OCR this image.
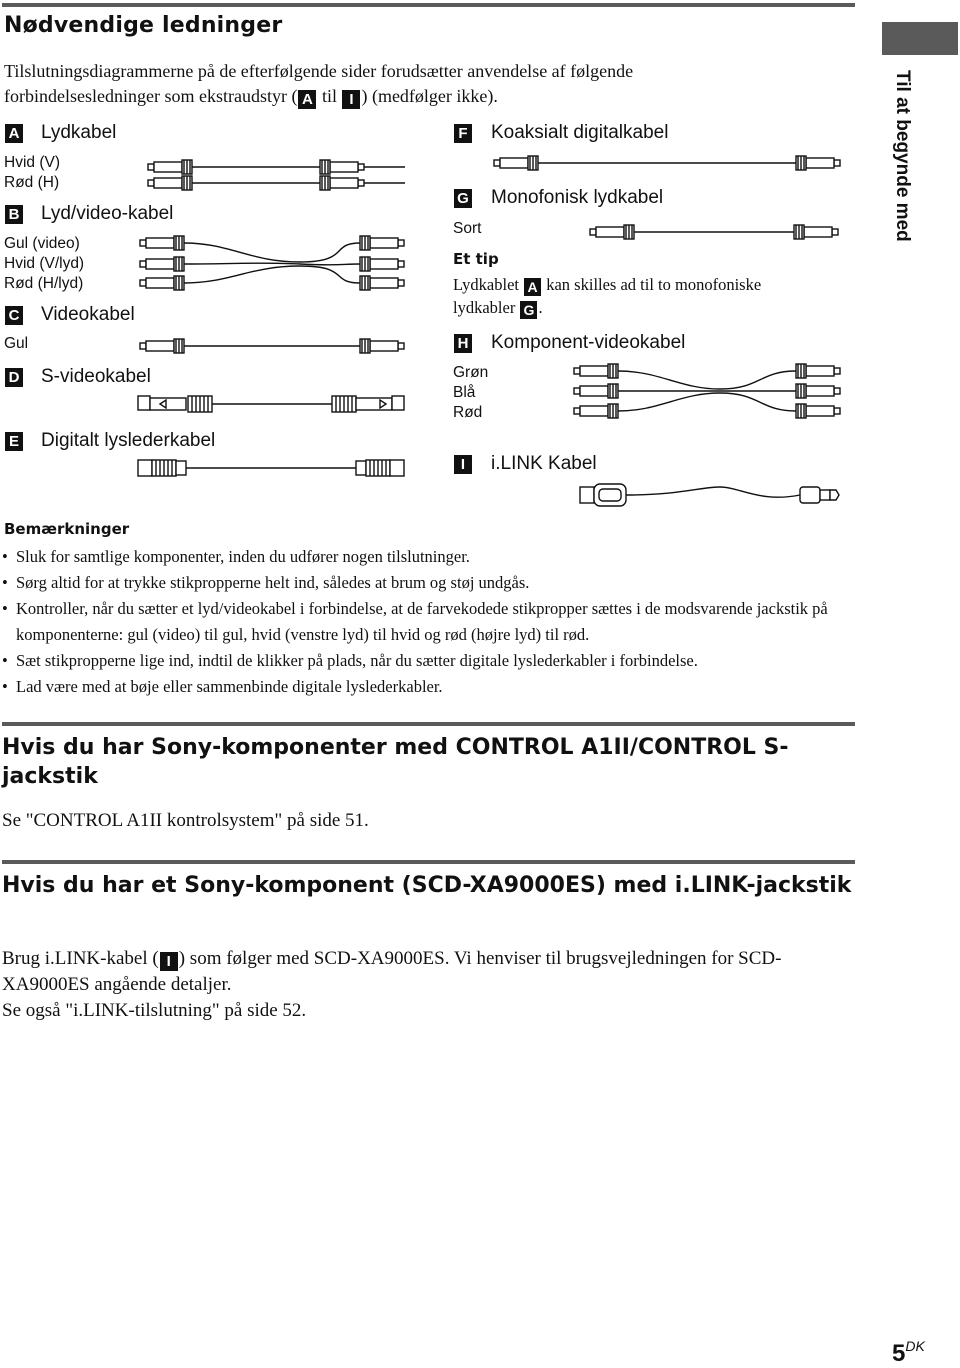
Nødvendige ledninger
Til at begynde med
Tilslutningsdiagrammerne på de efterfølgende sider forudsætter anvendelse af følgende forbindelsesledninger som ekstraudstyr ( A til I ) (medfølger ikke).
A Lydkabel
Hvid (V)
Rød (H)
B Lyd/video-kabel
Gul (video)
Hvid (V/lyd)
Rød (H/lyd)
C Videokabel
Gul
D S-videokabel
E Digitalt lyslederkabel
F Koaksialt digitalkabel
G Monofonisk lydkabel
Sort
Et tip
Lydkablet A kan skilles ad til to monofoniske
lydkabler G .
H Komponent-videokabel
Grøn
Blå
Rød
I	i.LINK Kabel
Bemærkninger
• Sluk for samtlige komponenter, inden du udfører nogen tilslutninger.
• Sørg altid for at trykke stikpropperne helt ind, således at brum og støj undgås.
• Kontroller, når du sætter et lyd/videokabel i forbindelse, at de farvekodede stikpropper sættes i de modsvarende jackstik på komponenterne: gul (video) til gul, hvid (venstre lyd) til hvid og rød (højre lyd) til rød.
• Sæt stikpropperne lige ind, indtil de klikker på plads, når du sætter digitale lyslederkabler i forbindelse.
• Lad være med at bøje eller sammenbinde digitale lyslederkabler.
Hvis du har Sony-komponenter med CONTROL A1II/CONTROL S-jackstik
Se "CONTROL A1II kontrolsystem" på side 51.
Hvis du har et Sony-komponent (SCD-XA9000ES) med i.LINK-jackstik
Brug i.LINK-kabel ( I ) som følger med SCD-XA9000ES. Vi henviser til brugsvejledningen for SCD-XA9000ES angående detaljer.
Se også "i.LINK-tilslutning" på side 52.
$5^{DK}$
